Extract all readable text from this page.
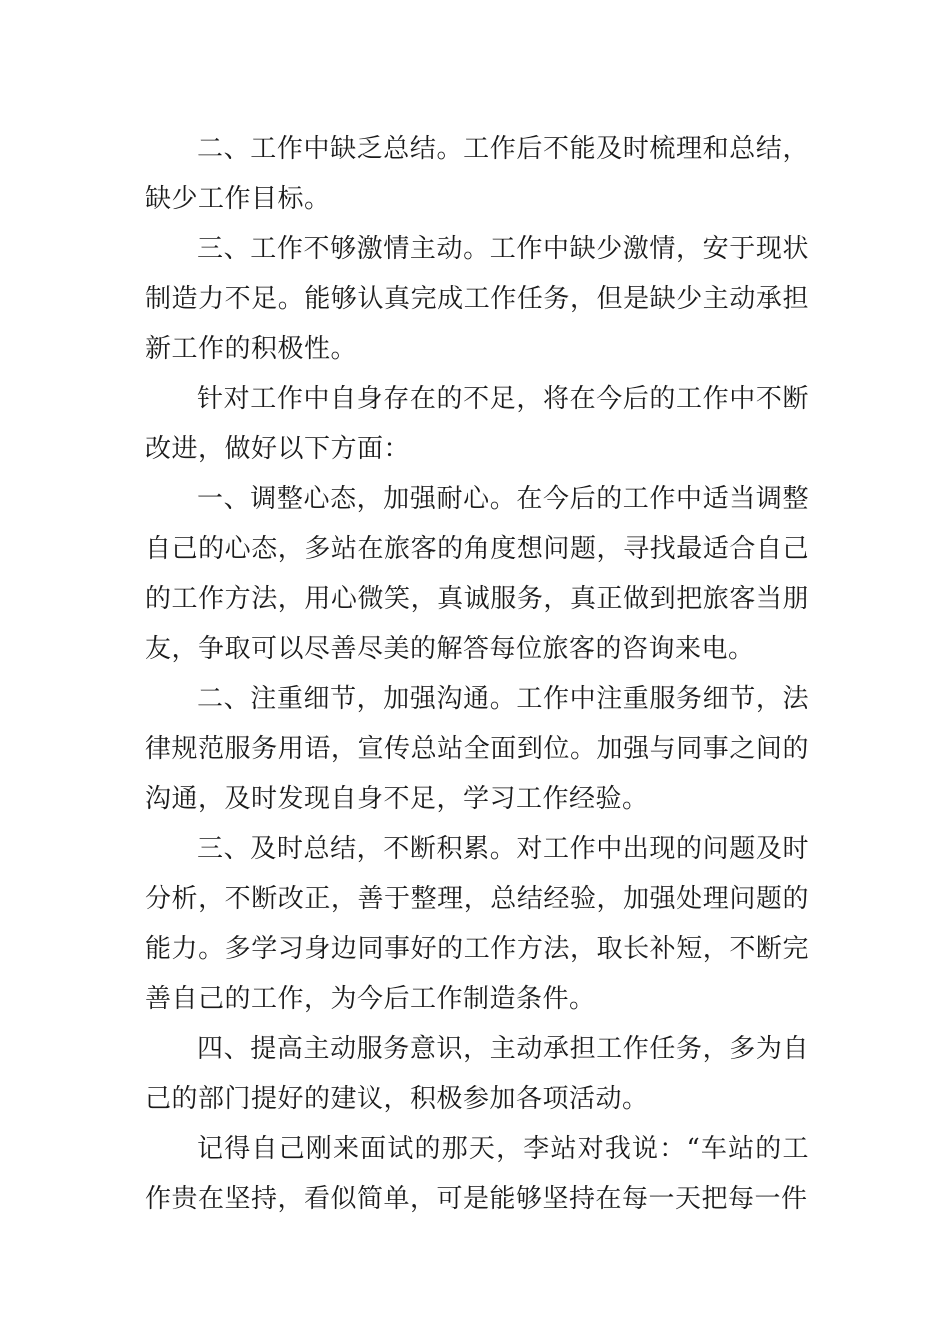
二、工作中缺乏总结。工作后不能及时梳理和总结，缺少工作目标。

三、工作不够激情主动。工作中缺少激情，安于现状制造力不足。能够认真完成工作任务，但是缺少主动承担新工作的积极性。

针对工作中自身存在的不足，将在今后的工作中不断改进，做好以下方面：

一、调整心态，加强耐心。在今后的工作中适当调整自己的心态，多站在旅客的角度想问题，寻找最适合自己的工作方法，用心微笑，真诚服务，真正做到把旅客当朋友，争取可以尽善尽美的解答每位旅客的咨询来电。

二、注重细节，加强沟通。工作中注重服务细节，法律规范服务用语，宣传总站全面到位。加强与同事之间的沟通，及时发现自身不足，学习工作经验。

三、及时总结，不断积累。对工作中出现的问题及时分析，不断改正，善于整理，总结经验，加强处理问题的能力。多学习身边同事好的工作方法，取长补短，不断完善自己的工作，为今后工作制造条件。

四、提高主动服务意识，主动承担工作任务，多为自己的部门提好的建议，积极参加各项活动。

记得自己刚来面试的那天，李站对我说：“车站的工作贵在坚持，看似简单，可是能够坚持在每一天把每一件
